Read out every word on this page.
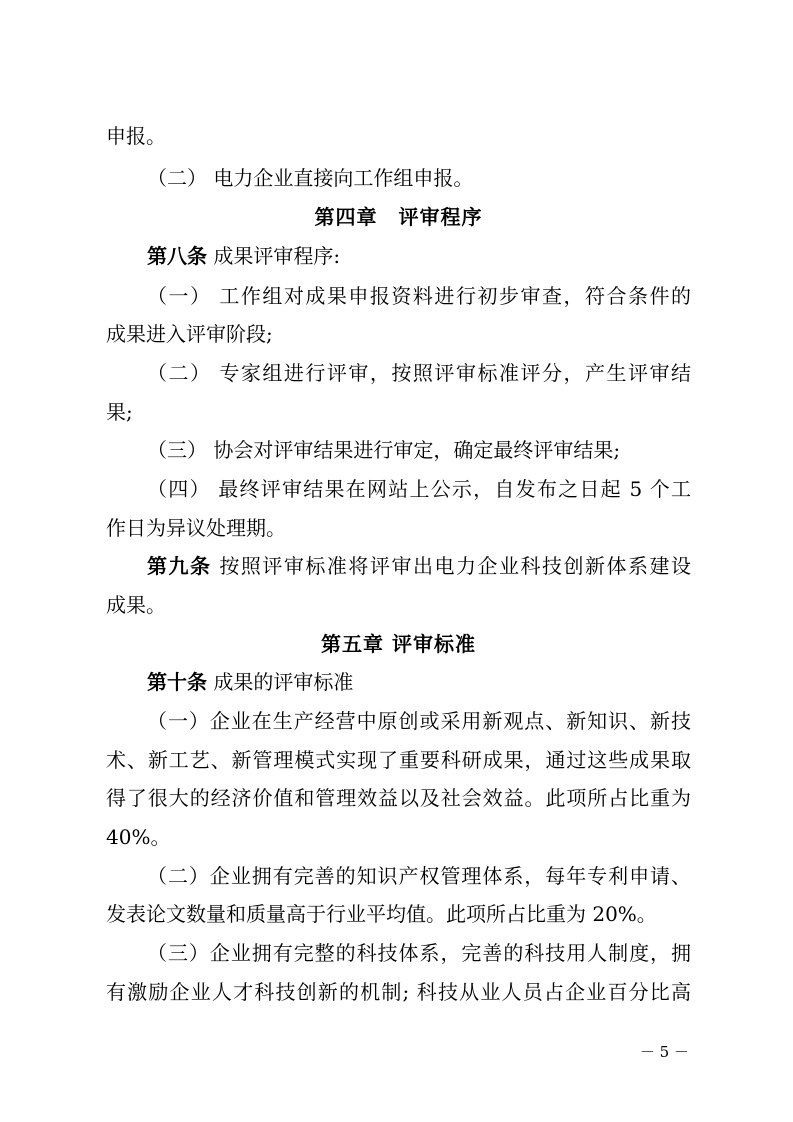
申报。
（二） 电力企业直接向工作组申报。
第四章　评审程序
第八条 成果评审程序:
（一） 工作组对成果申报资料进行初步审查，符合条件的
成果进入评审阶段;
（二） 专家组进行评审，按照评审标准评分，产生评审结
果;
（三） 协会对评审结果进行审定，确定最终评审结果;
（四） 最终评审结果在网站上公示，自发布之日起 5 个工
作日为异议处理期。
第九条 按照评审标准将评审出电力企业科技创新体系建设
成果。
第五章 评审标准
第十条 成果的评审标准
（一）企业在生产经营中原创或采用新观点、新知识、新技
术、新工艺、新管理模式实现了重要科研成果，通过这些成果取
得了很大的经济价值和管理效益以及社会效益。此项所占比重为
40%。
（二）企业拥有完善的知识产权管理体系，每年专利申请、
发表论文数量和质量高于行业平均值。此项所占比重为 20%。
（三）企业拥有完整的科技体系，完善的科技用人制度，拥
有激励企业人才科技创新的机制; 科技从业人员占企业百分比高
－ 5 －
